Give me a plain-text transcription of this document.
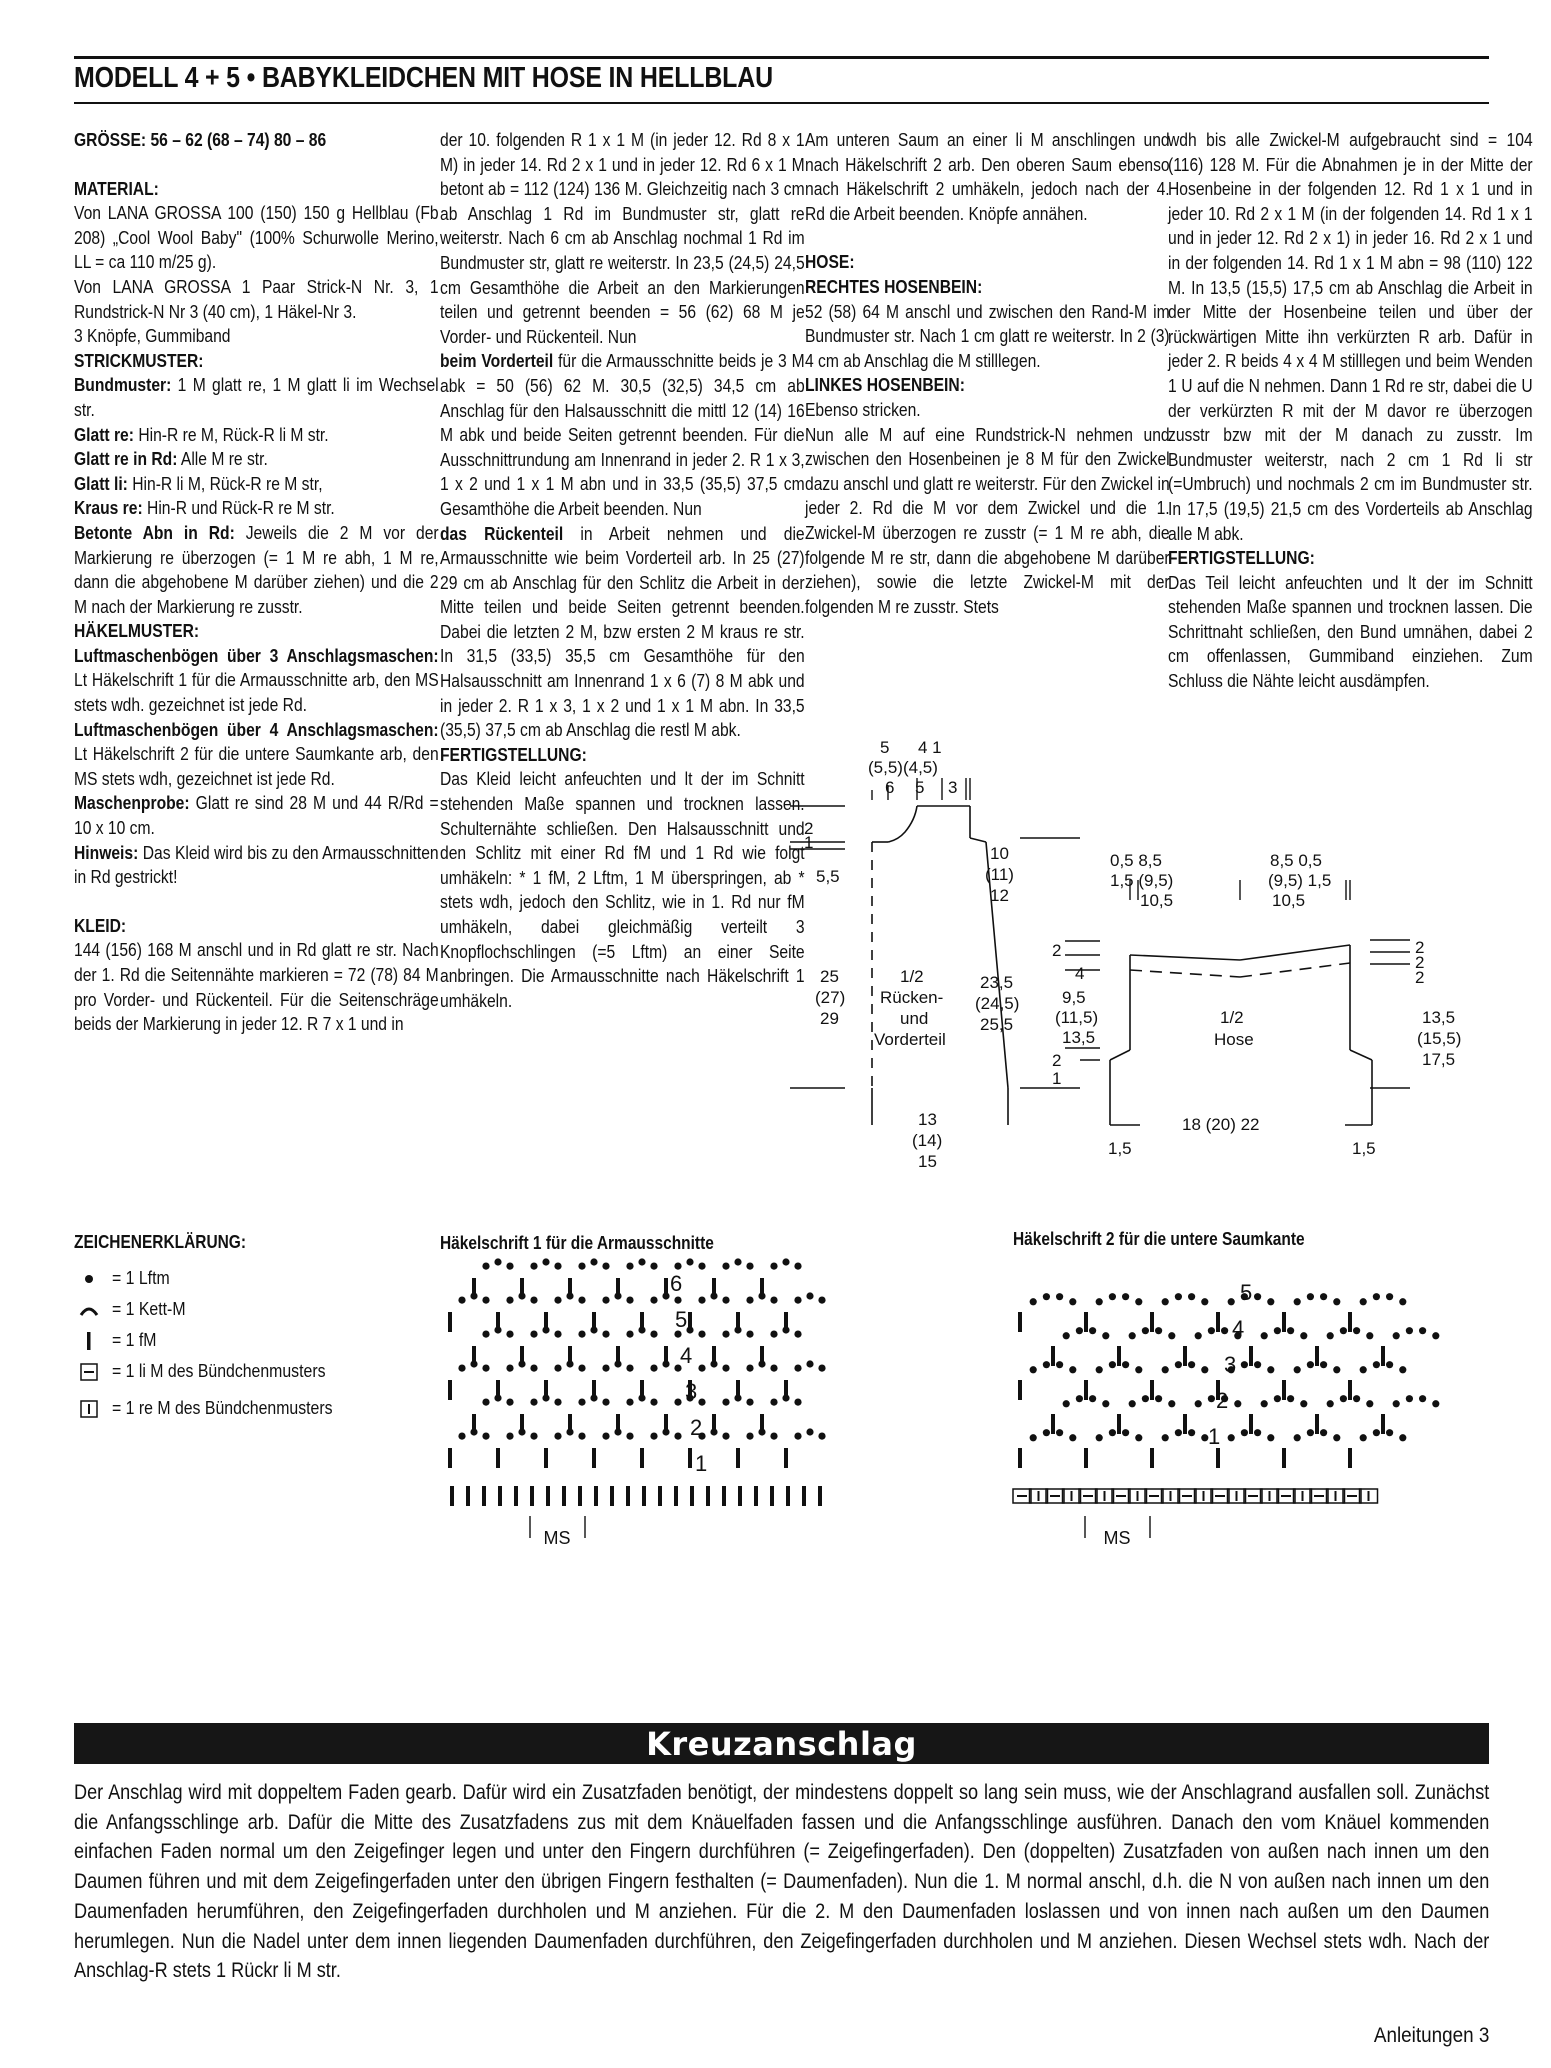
MODELL 4 + 5 • BABYKLEIDCHEN MIT HOSE IN HELLBLAU

GRÖSSE: 56 – 62 (68 – 74) 80 – 86

MATERIAL:

Von LANA GROSSA 100 (150) 150 g Hellblau (Fb 208) „Cool Wool Baby" (100% Schurwolle Merino, LL = ca 110 m/25 g).

Von LANA GROSSA 1 Paar Strick-N Nr. 3, 1 Rundstrick-N Nr 3 (40 cm), 1 Häkel-Nr 3.

3 Knöpfe, Gummiband

STRICKMUSTER:

Bundmuster: 1 M glatt re, 1 M glatt li im Wechsel str.

Glatt re: Hin-R re M, Rück-R li M str.

Glatt re in Rd: Alle M re str.

Glatt li: Hin-R li M, Rück-R re M str,

Kraus re: Hin-R und Rück-R re M str.

Betonte Abn in Rd: Jeweils die 2 M vor der Markierung re überzogen (= 1 M re abh, 1 M re, dann die abgehobene M darüber ziehen) und die 2 M nach der Markierung re zusstr.

HÄKELMUSTER:

Luftmaschenbögen über 3 Anschlagsmaschen: Lt Häkelschrift 1 für die Armausschnitte arb, den MS stets wdh. gezeichnet ist jede Rd.

Luftmaschenbögen über 4 Anschlagsmaschen: Lt Häkelschrift 2 für die untere Saumkante arb, den MS stets wdh, gezeichnet ist jede Rd.

Maschenprobe: Glatt re sind 28 M und 44 R/Rd = 10 x 10 cm.

Hinweis: Das Kleid wird bis zu den Armausschnitten in Rd gestrickt!

KLEID:

144 (156) 168 M anschl und in Rd glatt re str. Nach der 1. Rd die Seitennähte markieren = 72 (78) 84 M pro Vorder- und Rückenteil. Für die Seitenschräge beids der Markierung in jeder 12. R 7 x 1 und in

der 10. folgenden R 1 x 1 M (in jeder 12. Rd 8 x 1 M) in jeder 14. Rd 2 x 1 und in jeder 12. Rd 6 x 1 M betont ab = 112 (124) 136 M. Gleichzeitig nach 3 cm ab Anschlag 1 Rd im Bundmuster str, glatt re weiterstr. Nach 6 cm ab Anschlag nochmal 1 Rd im Bundmuster str, glatt re weiterstr. In 23,5 (24,5) 24,5 cm Gesamthöhe die Arbeit an den Markierungen teilen und getrennt beenden = 56 (62) 68 M je Vorder- und Rückenteil. Nun

beim Vorderteil für die Armausschnitte beids je 3 M abk = 50 (56) 62 M. 30,5 (32,5) 34,5 cm ab Anschlag für den Halsausschnitt die mittl 12 (14) 16 M abk und beide Seiten getrennt beenden. Für die Ausschnittrundung am Innenrand in jeder 2. R 1 x 3, 1 x 2 und 1 x 1 M abn und in 33,5 (35,5) 37,5 cm Gesamthöhe die Arbeit beenden. Nun

das Rückenteil in Arbeit nehmen und die Armausschnitte wie beim Vorderteil arb. In 25 (27) 29 cm ab Anschlag für den Schlitz die Arbeit in der Mitte teilen und beide Seiten getrennt beenden. Dabei die letzten 2 M, bzw ersten 2 M kraus re str. In 31,5 (33,5) 35,5 cm Gesamthöhe für den Halsausschnitt am Innenrand 1 x 6 (7) 8 M abk und in jeder 2. R 1 x 3, 1 x 2 und 1 x 1 M abn. In 33,5 (35,5) 37,5 cm ab Anschlag die restl M abk.

FERTIGSTELLUNG:

Das Kleid leicht anfeuchten und lt der im Schnitt stehenden Maße spannen und trocknen lassen. Schulternähte schließen. Den Halsausschnitt und den Schlitz mit einer Rd fM und 1 Rd wie folgt umhäkeln: * 1 fM, 2 Lftm, 1 M überspringen, ab * stets wdh, jedoch den Schlitz, wie in 1. Rd nur fM umhäkeln, dabei gleichmäßig verteilt 3 Knopflochschlingen (=5 Lftm) an einer Seite anbringen. Die Armausschnitte nach Häkelschrift 1 umhäkeln.

Am unteren Saum an einer li M anschlingen und nach Häkelschrift 2 arb. Den oberen Saum ebenso nach Häkelschrift 2 umhäkeln, jedoch nach der 4. Rd die Arbeit beenden. Knöpfe annähen.

HOSE:

RECHTES HOSENBEIN:

52 (58) 64 M anschl und zwischen den Rand-M im Bundmuster str. Nach 1 cm glatt re weiterstr. In 2 (3) 4 cm ab Anschlag die M stilllegen.

LINKES HOSENBEIN:

Ebenso stricken.

Nun alle M auf eine Rundstrick-N nehmen und zwischen den Hosenbeinen je 8 M für den Zwickel dazu anschl und glatt re weiterstr. Für den Zwickel in jeder 2. Rd die M vor dem Zwickel und die 1. Zwickel-M überzogen re zusstr (= 1 M re abh, die folgende M re str, dann die abgehobene M darüber ziehen), sowie die letzte Zwickel-M mit der folgenden M re zusstr. Stets

wdh bis alle Zwickel-M aufgebraucht sind = 104 (116) 128 M. Für die Abnahmen je in der Mitte der Hosenbeine in der folgenden 12. Rd 1 x 1 und in jeder 10. Rd 2 x 1 M (in der folgenden 14. Rd 1 x 1 und in jeder 12. Rd 2 x 1) in jeder 16. Rd 2 x 1 und in der folgenden 14. Rd 1 x 1 M abn = 98 (110) 122 M. In 13,5 (15,5) 17,5 cm ab Anschlag die Arbeit in der Mitte der Hosenbeine teilen und über der rückwärtigen Mitte ihn verkürzten R arb. Dafür in jeder 2. R beids 4 x 4 M stilllegen und beim Wenden 1 U auf die N nehmen. Dann 1 Rd re str, dabei die U der verkürzten R mit der M davor re überzogen zusstr bzw mit der M danach zu zusstr. Im Bundmuster weiterstr, nach 2 cm 1 Rd li str (=Umbruch) und nochmals 2 cm im Bundmuster str. In 17,5 (19,5) 21,5 cm des Vorderteils ab Anschlag alle M abk.

FERTIGSTELLUNG:

Das Teil leicht anfeuchten und lt der im Schnitt stehenden Maße spannen und trocknen lassen. Die Schrittnaht schließen, den Bund umnähen, dabei 2 cm offenlassen, Gummiband einziehen. Zum Schluss die Nähte leicht ausdämpfen.

5 4 1
(5,5)(4,5)
6 5 3
2
1
5,5
10
(11)
12
25
(27)
29
1/2
Rücken-
und
Vorderteil
23,5
(24,5)
25,5
13
(14)
15
0,5 8,5
1,5 (9,5)
10,5
8,5 0,5
(9,5) 1,5
10,5
2
4
9,5
(11,5)
13,5
2
1
1/2
Hose
2
2
2
13,5
(15,5)
17,5
18 (20) 22
1,5	1,5
ZEICHENERKLÄRUNG:
= 1 Lftm
= 1 Kett-M
= 1 fM
= 1 li M des Bündchenmusters
= 1 re M des Bündchenmusters
Häkelschrift 1 für die Armausschnitte
6
5
4
3
2
1
MS
Häkelschrift 2 für die untere Saumkante
5
4
3
2
1
MS
Kreuzanschlag
Der Anschlag wird mit doppeltem Faden gearb. Dafür wird ein Zusatzfaden benötigt, der mindestens doppelt so lang sein muss, wie der Anschlagrand ausfallen soll. Zunächst die Anfangsschlinge arb. Dafür die Mitte des Zusatzfadens zus mit dem Knäuelfaden fassen und die Anfangsschlinge ausführen. Danach den vom Knäuel kommenden einfachen Faden normal um den Zeigefinger legen und unter den Fingern durchführen (= Zeigefingerfaden). Den (doppelten) Zusatzfaden von außen nach innen um den Daumen führen und mit dem Zeigefingerfaden unter den übrigen Fingern festhalten (= Daumenfaden). Nun die 1. M normal anschl, d.h. die N von außen nach innen um den Daumenfaden herumführen, den Zeigefingerfaden durchholen und M anziehen. Für die 2. M den Daumenfaden loslassen und von innen nach außen um den Daumen herumlegen. Nun die Nadel unter dem innen liegenden Daumenfaden durchführen, den Zeigefingerfaden durchholen und M anziehen. Diesen Wechsel stets wdh. Nach der Anschlag-R stets 1 Rückr li M str.
Anleitungen 3
